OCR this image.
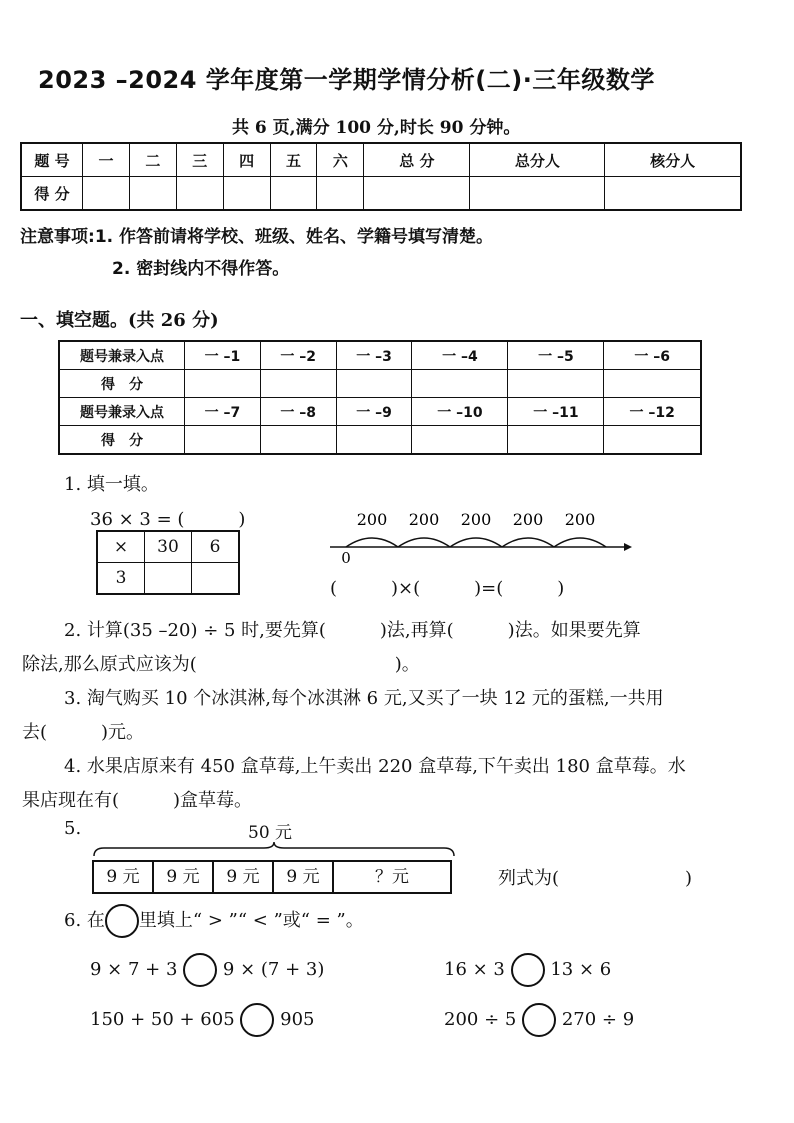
2023 –2024 学年度第一学期学情分析(二)·三年级数学
共 6 页,满分 100 分,时长 90 分钟。
题 号	一	二	三	四	五	六	总 分	总分人	核分人
得 分									
注意事项:1. 作答前请将学校、班级、姓名、学籍号填写清楚。
2. 密封线内不得作答。
一、填空题。(共 26 分)
题号兼录入点	一 –1	一 –2	一 –3	一 –4	一 –5	一 –6
得　分						
题号兼录入点	一 –7	一 –8	一 –9	一 –10	一 –11	一 –12
得　分						
1. 填一填。
36 × 3 = (　　　)
×	30	6
3		
200 200 200 200 200
0
(　　　)×(　　　)=(　　　)
2. 计算(35 –20) ÷ 5 时,要先算(　　　)法,再算(　　　)法。如果要先算
除法,那么原式应该为(　　　　　　　　　　　)。
3. 淘气购买 10 个冰淇淋,每个冰淇淋 6 元,又买了一块 12 元的蛋糕,一共用
去(　　　)元。
4. 水果店原来有 450 盒草莓,上午卖出 220 盒草莓,下午卖出 180 盒草莓。水
果店现在有(　　　)盒草莓。
5.	50 元
9 元	9 元	9 元	9 元	？元	列式为(　　　　　　　)
6. 在 里填上“ > ”“ < ”或“ = ”。
9 × 7 + 3	9 × (7 + 3)	16 × 3	13 × 6
150 + 50 + 605	905	200 ÷ 5	270 ÷ 9
